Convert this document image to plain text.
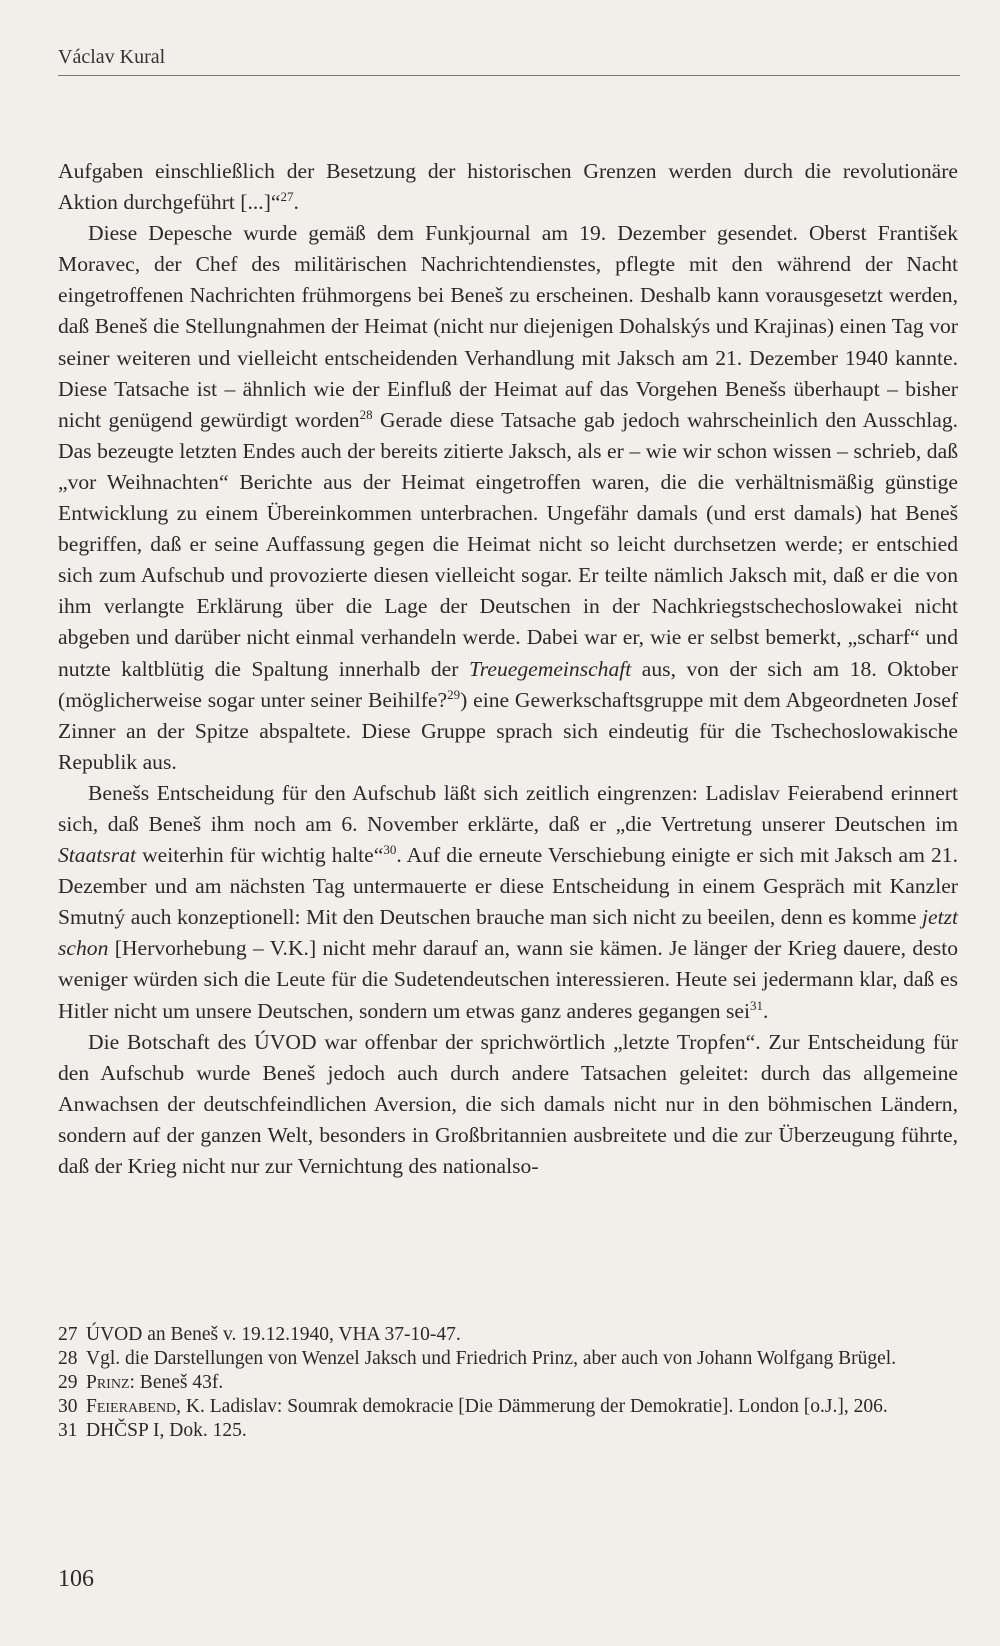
Václav Kural

Aufgaben einschließlich der Besetzung der historischen Grenzen werden durch die revolutionäre Aktion durchgeführt [...]“$^{27}$.

Diese Depesche wurde gemäß dem Funkjournal am 19. Dezember gesendet. Oberst František Moravec, der Chef des militärischen Nachrichtendienstes, pflegte mit den während der Nacht eingetroffenen Nachrichten frühmorgens bei Beneš zu erscheinen. Deshalb kann vorausgesetzt werden, daß Beneš die Stellungnahmen der Heimat (nicht nur diejenigen Dohalskýs und Krajinas) einen Tag vor seiner weiteren und vielleicht entscheidenden Verhandlung mit Jaksch am 21. Dezember 1940 kannte. Diese Tatsache ist – ähnlich wie der Einfluß der Heimat auf das Vorgehen Benešs überhaupt – bisher nicht genügend gewürdigt worden$^{28}$ Gerade diese Tatsache gab jedoch wahrscheinlich den Ausschlag. Das bezeugte letzten Endes auch der bereits zitierte Jaksch, als er – wie wir schon wissen – schrieb, daß „vor Weihnachten“ Berichte aus der Heimat eingetroffen waren, die die verhältnismäßig günstige Entwicklung zu einem Übereinkommen unterbrachen. Ungefähr damals (und erst damals) hat Beneš begriffen, daß er seine Auffassung gegen die Heimat nicht so leicht durchsetzen werde; er entschied sich zum Aufschub und provozierte diesen vielleicht sogar. Er teilte nämlich Jaksch mit, daß er die von ihm verlangte Erklärung über die Lage der Deutschen in der Nachkriegstschechoslowakei nicht abgeben und darüber nicht einmal verhandeln werde. Dabei war er, wie er selbst bemerkt, „scharf“ und nutzte kaltblütig die Spaltung innerhalb der Treuegemeinschaft aus, von der sich am 18. Oktober (möglicherweise sogar unter seiner Beihilfe?$^{29}$) eine Gewerkschaftsgruppe mit dem Abgeordneten Josef Zinner an der Spitze abspaltete. Diese Gruppe sprach sich eindeutig für die Tschechoslowakische Republik aus.

Benešs Entscheidung für den Aufschub läßt sich zeitlich eingrenzen: Ladislav Feierabend erinnert sich, daß Beneš ihm noch am 6. November erklärte, daß er „die Vertretung unserer Deutschen im Staatsrat weiterhin für wichtig halte“$^{30}$. Auf die erneute Verschiebung einigte er sich mit Jaksch am 21. Dezember und am nächsten Tag untermauerte er diese Entscheidung in einem Gespräch mit Kanzler Smutný auch konzeptionell: Mit den Deutschen brauche man sich nicht zu beeilen, denn es komme jetzt schon [Hervorhebung – V.K.] nicht mehr darauf an, wann sie kämen. Je länger der Krieg dauere, desto weniger würden sich die Leute für die Sudetendeutschen interessieren. Heute sei jedermann klar, daß es Hitler nicht um unsere Deutschen, sondern um etwas ganz anderes gegangen sei$^{31}$.

Die Botschaft des ÚVOD war offenbar der sprichwörtlich „letzte Tropfen“. Zur Entscheidung für den Aufschub wurde Beneš jedoch auch durch andere Tatsachen geleitet: durch das allgemeine Anwachsen der deutschfeindlichen Aversion, die sich damals nicht nur in den böhmischen Ländern, sondern auf der ganzen Welt, besonders in Großbritannien ausbreitete und die zur Überzeugung führte, daß der Krieg nicht nur zur Vernichtung des nationalso-

27 ÚVOD an Beneš v. 19.12.1940, VHA 37-10-47.
28 Vgl. die Darstellungen von Wenzel Jaksch und Friedrich Prinz, aber auch von Johann Wolfgang Brügel.
29 Prinz: Beneš 43f.
30 Feierabend, K. Ladislav: Soumrak demokracie [Die Dämmerung der Demokratie]. London [o.J.], 206.
31 DHČSP I, Dok. 125.
106
